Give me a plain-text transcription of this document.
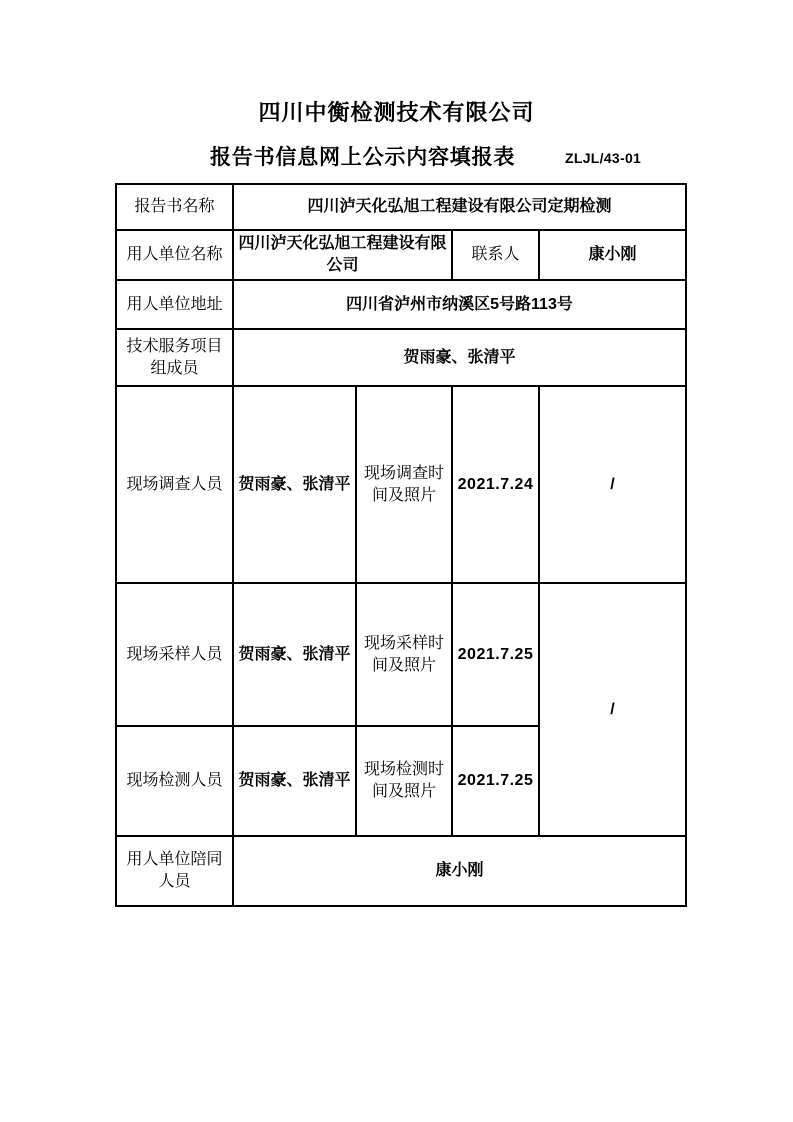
四川中衡检测技术有限公司
报告书信息网上公示内容填报表	ZLJL/43-01
报告书名称	四川泸天化弘旭工程建设有限公司定期检测			
用人单位名称	四川泸天化弘旭工程建设有限公司		联系人	康小刚
用人单位地址	四川省泸州市纳溪区5号路113号			
技术服务项目组成员	贺雨豪、张清平			
现场调查人员	贺雨豪、张清平	现场调查时间及照片	2021.7.24	/
现场采样人员	贺雨豪、张清平	现场采样时间及照片	2021.7.25	/
现场检测人员	贺雨豪、张清平	现场检测时间及照片	2021.7.25	
用人单位陪同人员	康小刚			
